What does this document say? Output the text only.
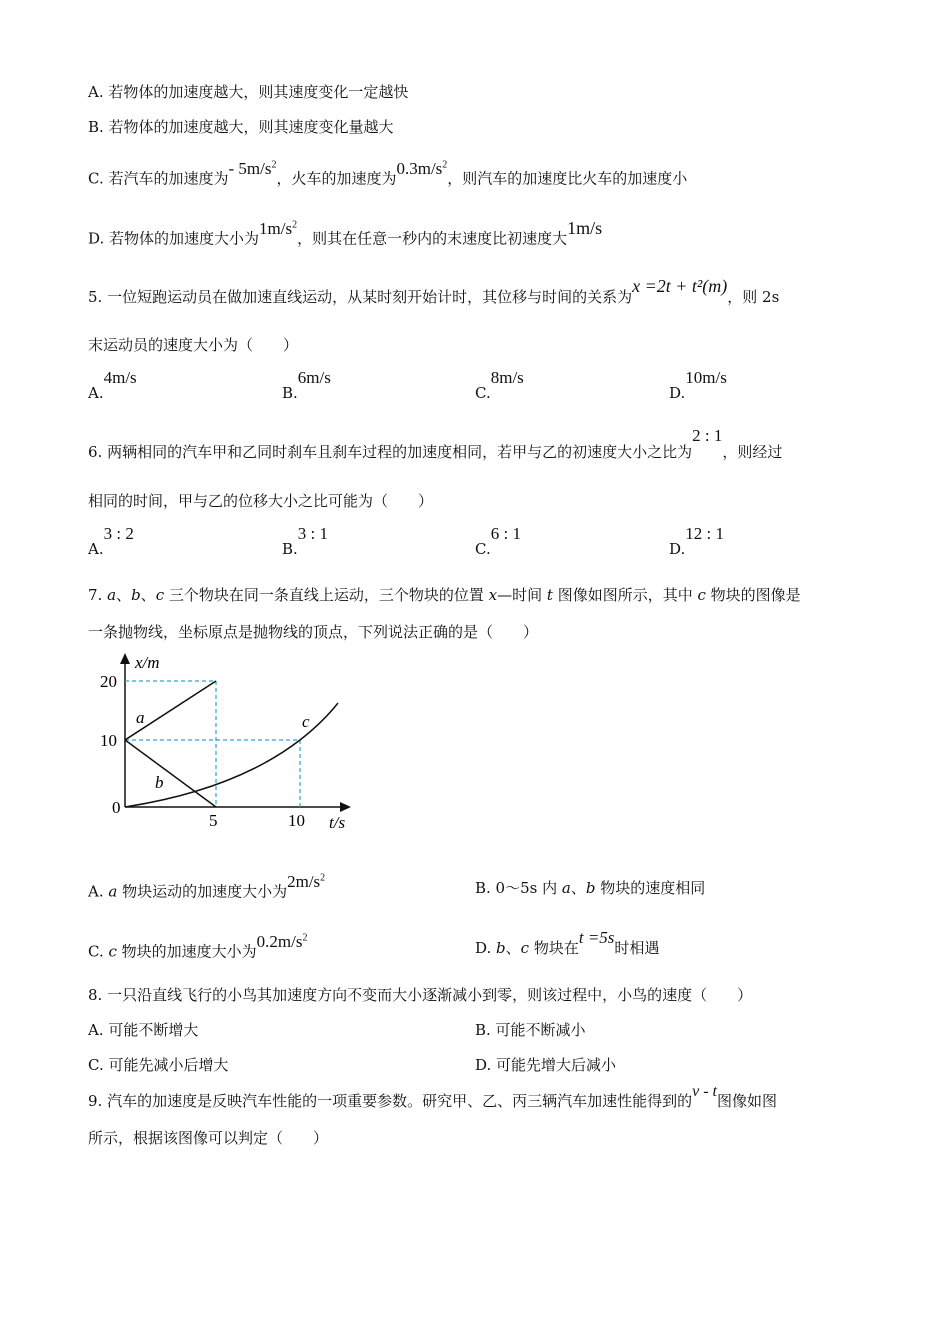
A. 若物体的加速度越大，则其速度变化一定越快
B. 若物体的加速度越大，则其速度变化量越大
C. 若汽车的加速度为- $5m/s^2$，火车的加速度为$0.3m/s^2$，则汽车的加速度比火车的加速度小
D. 若物体的加速度大小为$1m/s^2$，则其在任意一秒内的末速度比初速度大1m/s
5. 一位短跑运动员在做加速直线运动，从某时刻开始计时，其位移与时间的关系为x =2t + t²(m)，则 2s
末运动员的速度大小为（　　）
A.4m/s
B.6m/s
C.8m/s
D.10m/s
6. 两辆相同的汽车甲和乙同时刹车且刹车过程的加速度相同，若甲与乙的初速度大小之比为2 : 1，则经过
相同的时间，甲与乙的位移大小之比可能为（　　）
A.3 : 2
B.3 : 1
C.6 : 1
D.12 : 1
7. a、b、c 三个物块在同一条直线上运动，三个物块的位置 x—时间 t 图像如图所示，其中 c 物块的图像是
一条抛物线，坐标原点是抛物线的顶点，下列说法正确的是（　　）
x/m
t/s
20
10
0
5	10
a
b
c
A. a 物块运动的加速度大小为$2m/s^2$
B. 0～5s 内 a、b 物块的速度相同
C. c 物块的加速度大小为$0.2m/s^2$
D. b、c 物块在t =5s时相遇
8. 一只沿直线飞行的小鸟其加速度方向不变而大小逐渐减小到零，则该过程中，小鸟的速度（　　）
A. 可能不断增大	B. 可能不断减小
C. 可能先减小后增大	D. 可能先增大后减小
9. 汽车的加速度是反映汽车性能的一项重要参数。研究甲、乙、丙三辆汽车加速性能得到的v - t图像如图
所示，根据该图像可以判定（　　）
